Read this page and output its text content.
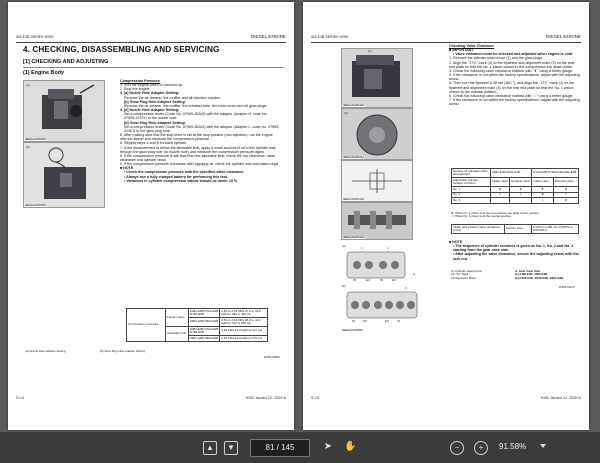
SM-E3B SERIES WSM	DIESEL ENGINE
4. CHECKING, DISASSEMBLING AND SERVICING
[1] CHECKING AND ADJUSTING
(1) Engine Body
(a)
3EEACAA1P050A
(b)
3EEACAA1P055A

Compression Pressure

1. Run the engine until it is warmed up.

2. Stop the engine.

3. [a] Nozzle Hole Adaptor Setting:

Remove the air cleaner, the muffler and all injection nozzles.

[b] Glow Plug Hole Adaptor Setting:

Remove the air cleaner, the muffler, the breather tube, the hood cover and all glow plugs.

4. [a] Nozzle Hole Adaptor Setting:

Set a compression tester (Code No. 07909-30208) with the adaptor (Adaptor H, code No. 07909-31231) to the nozzle hole.

[b] Glow Plug Hole Adaptor Setting:

Set a compression tester (Code No. 07909-30208) with the adaptor (Adaptor L, code No. 07909-31301) to the glow plug hole.

5. After making sure that the stop lever is set at the stop position (non-injection), run the engine with the starter and measure the compression pressure.

6. Repeat steps 4 and 5 for each cylinder.

7. If the measurement is below the allowable limit, apply a small amount of oil to the cylinder wall through the glow plug hole (or nozzle hole) and measure the compression pressure again.

8. If the compression pressure is still less than the allowable limit, check the top clearance, valve clearance and cylinder head.

9. If the compression pressure increases after applying oil, check the cylinder wall and piston rings.

■ NOTE

• Check the compression pressure with the specified valve clearance.

• Always use a fully charged battery for performing this test.

• Variances in cylinder compression values should be under 10 %.

Compression pressure	Factory spec.	Z482-E3B D722-E3B D782-E3B	2.65 to 3.23 MPa 27.0 to 33.0 kgf/cm² 384 to 469 psi
		Z602-E3B D902-E3B	3.53 to 4.02 MPa 36.0 to 41.0 kgf/cm² 512 to 583 psi
	Allowable limit	Z482-E3B D722-E3B D782-E3B	2.26 MPa 23.0 kgf/cm² 327 psi
		Z602-E3B D902-E3B	2.55 MPa 26.0 kgf/cm² 370 psi
(a) Nozzle Hole Adaptor Setting	(b) Glow Plug Hole Adaptor Setting
W1017984C
S-14	KiSC issued 12, 2020 A
SM-E3B SERIES WSM	DIESEL ENGINE
(1)
3EEACAA1P100A
(2)
3EEACAA1P101A
3EEACAA1P103A
3EEACAA1P104A
(a)
(b)
IN	EX	IN	EX
IN	EX	EX	IN
1	2
3
A
3EEACAA1P066A

Checking Valve Clearance

■ IMPORTANT

• Valve clearance must be checked and adjusted when engine is cold.

1. Remove the cylinder head cover (1) and the glow plugs.

2. Align the "1TC" mark (3) on the flywheel and alignment mark (3) on the rear end plate so that the No. 1 piston comes to the compression top dead center.

3. Check the following valve clearance marked with "★" using a feeler gauge.

4. If the clearance is not within the factory specifications, adjust with the adjusting screw.

5. Then turn the flywheel 6.28 rad (360 °), and align the "1TC" mark (2) on the flywheel and alignment mark (3) on the rear end plate so that the No. 1 piston comes to the overlap position.

6. Check the following valve clearance marked with "☆" using a feeler gauge.

7. If the clearance is not within the factory specifications, adjust with the adjusting screw.

Number of cylinders Valve arrangement	Z482-E3B Z602-E3B		D722-E3B D782-E3B D902-E3B	
Adjustable cylinder location of piston	Intake valve	Exhaust valve	Intake valve	Exhaust valve
No. 1	★	★	★	★
No. 2	☆	☆	★	☆
No. 3			☆	★
★: When No. 1 piston is at the compression top dead center position.
☆: When No. 1 piston is at the overlap position.
Intake and exhaust valve clearance (cold)	Factory spec.	0.145 to 0.185 mm 0.00571 to 0.00728 in.

■ NOTE

• The sequence of cylinder numbers is given as No. 1, No. 2 and No. 3 starting from the gear case side.

• After adjusting the valve clearance, secure the adjusting screw with the lock nut.

(1) Cylinder Head Cover
(2) "TC" Mark
(3) Alignment Mark
A: Gear Case Side
(a) Z482-E3B, Z602-E3B
(b) D722-E3B, D782-E3B, D902-E3B
W1017247C
S-15	KiSC issued 12, 2020 A
▲	▼	81 / 145	➤ ✋	−	+	91.58%
